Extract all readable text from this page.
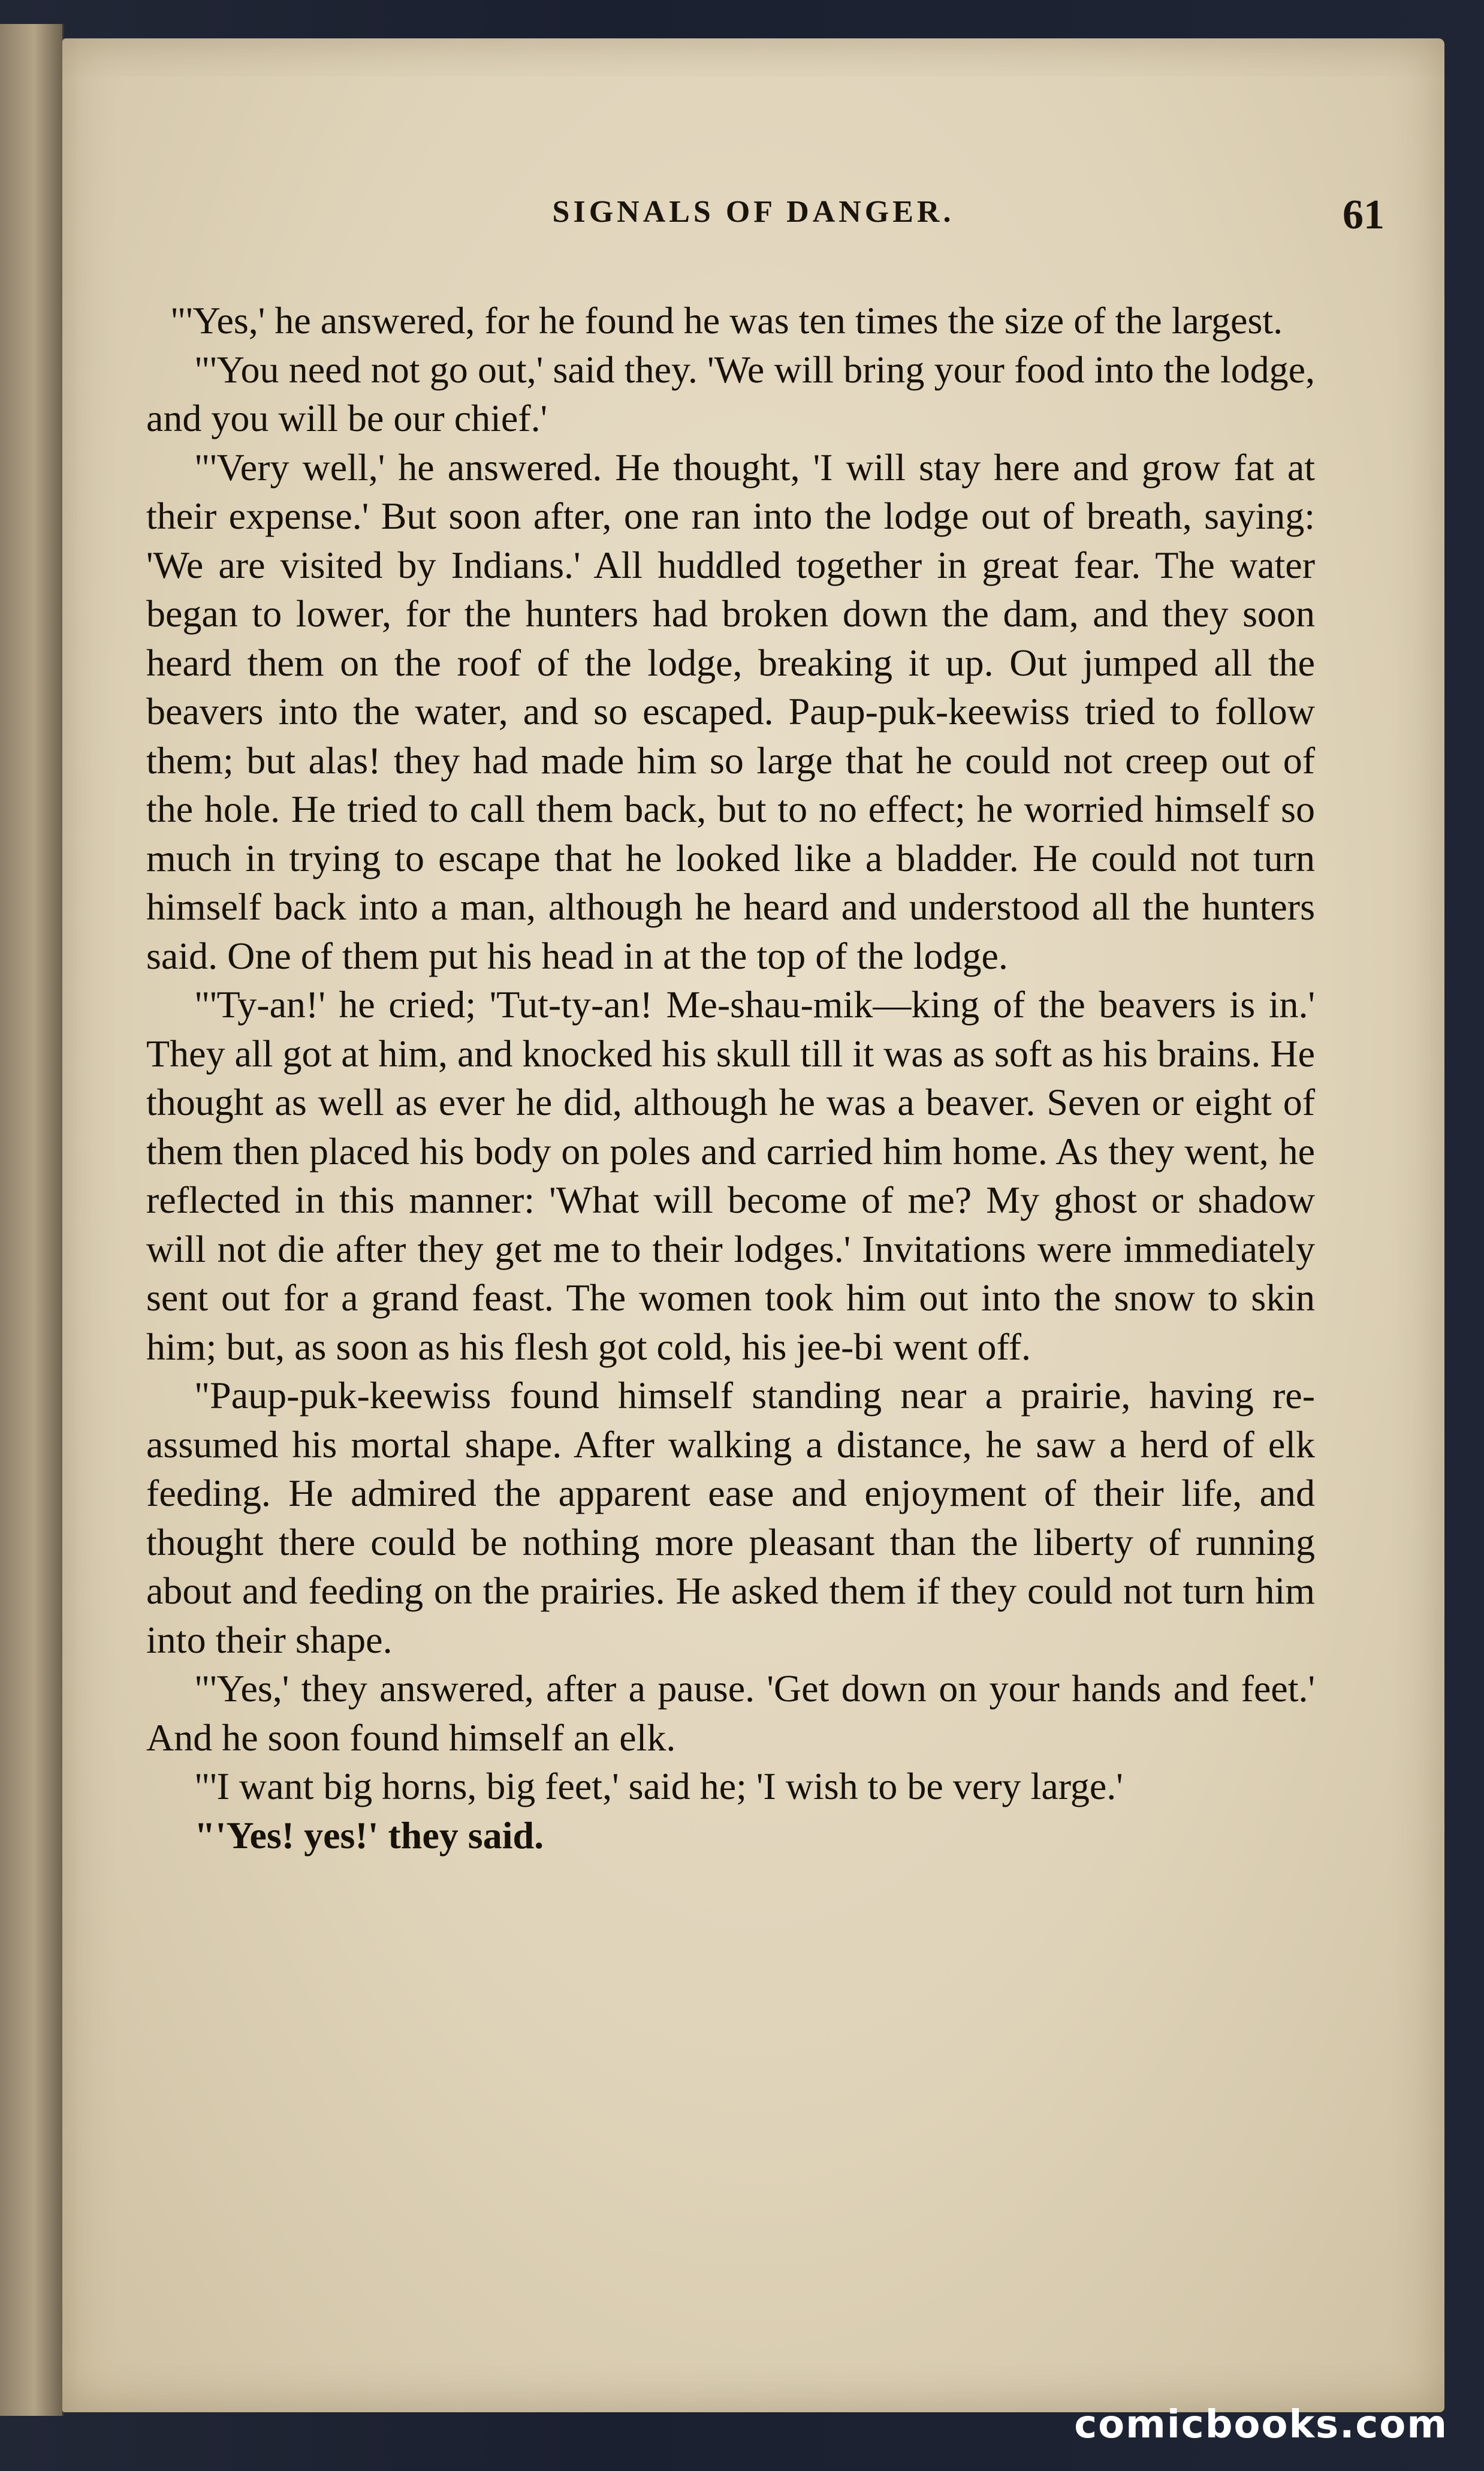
SIGNALS OF DANGER.	61

"'Yes,' he answered, for he found he was ten times the size of the largest.

"'You need not go out,' said they. 'We will bring your food into the lodge, and you will be our chief.'

"'Very well,' he answered. He thought, 'I will stay here and grow fat at their expense.' But soon after, one ran into the lodge out of breath, saying: 'We are visited by Indians.' All huddled together in great fear. The water began to lower, for the hunters had broken down the dam, and they soon heard them on the roof of the lodge, breaking it up. Out jumped all the beavers into the water, and so escaped. Paup-puk-keewiss tried to follow them; but alas! they had made him so large that he could not creep out of the hole. He tried to call them back, but to no effect; he worried himself so much in trying to escape that he looked like a bladder. He could not turn himself back into a man, although he heard and understood all the hunters said. One of them put his head in at the top of the lodge.

"'Ty-an!' he cried; 'Tut-ty-an! Me-shau-mik—king of the beavers is in.' They all got at him, and knocked his skull till it was as soft as his brains. He thought as well as ever he did, although he was a beaver. Seven or eight of them then placed his body on poles and carried him home. As they went, he reflected in this manner: 'What will become of me? My ghost or shadow will not die after they get me to their lodges.' Invitations were immediately sent out for a grand feast. The women took him out into the snow to skin him; but, as soon as his flesh got cold, his jee-bi went off.

"Paup-puk-keewiss found himself standing near a prairie, having re-assumed his mortal shape. After walking a distance, he saw a herd of elk feeding. He admired the apparent ease and enjoyment of their life, and thought there could be nothing more pleasant than the liberty of running about and feeding on the prairies. He asked them if they could not turn him into their shape.

"'Yes,' they answered, after a pause. 'Get down on your hands and feet.' And he soon found himself an elk.

"'I want big horns, big feet,' said he; 'I wish to be very large.'

"'Yes! yes!' they said.

comicbooks.com
